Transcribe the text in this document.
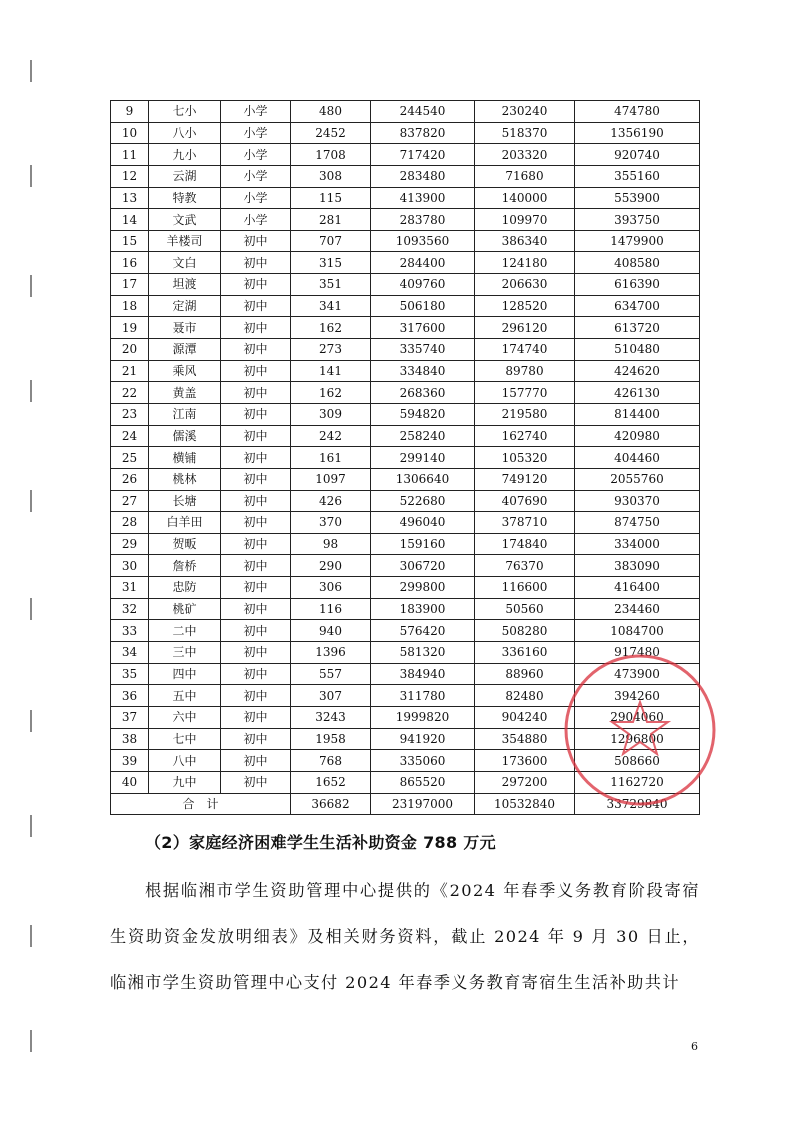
9	七小	小学	480	244540	230240	474780
10	八小	小学	2452	837820	518370	1356190
11	九小	小学	1708	717420	203320	920740
12	云湖	小学	308	283480	71680	355160
13	特教	小学	115	413900	140000	553900
14	文武	小学	281	283780	109970	393750
15	羊楼司	初中	707	1093560	386340	1479900
16	文白	初中	315	284400	124180	408580
17	坦渡	初中	351	409760	206630	616390
18	定湖	初中	341	506180	128520	634700
19	聂市	初中	162	317600	296120	613720
20	源潭	初中	273	335740	174740	510480
21	乘风	初中	141	334840	89780	424620
22	黄盖	初中	162	268360	157770	426130
23	江南	初中	309	594820	219580	814400
24	儒溪	初中	242	258240	162740	420980
25	横铺	初中	161	299140	105320	404460
26	桃林	初中	1097	1306640	749120	2055760
27	长塘	初中	426	522680	407690	930370
28	白羊田	初中	370	496040	378710	874750
29	贺畈	初中	98	159160	174840	334000
30	詹桥	初中	290	306720	76370	383090
31	忠防	初中	306	299800	116600	416400
32	桃矿	初中	116	183900	50560	234460
33	二中	初中	940	576420	508280	1084700
34	三中	初中	1396	581320	336160	917480
35	四中	初中	557	384940	88960	473900
36	五中	初中	307	311780	82480	394260
37	六中	初中	3243	1999820	904240	2904060
38	七中	初中	1958	941920	354880	1296800
39	八中	初中	768	335060	173600	508660
40	九中	初中	1652	865520	297200	1162720
合　计			36682	23197000	10532840	33729840
（2）家庭经济困难学生生活补助资金 788 万元
根据临湘市学生资助管理中心提供的《2024 年春季义务教育阶段寄宿生资助资金发放明细表》及相关财务资料，截止 2024 年 9 月 30 日止，临湘市学生资助管理中心支付 2024 年春季义务教育寄宿生生活补助共计
6
